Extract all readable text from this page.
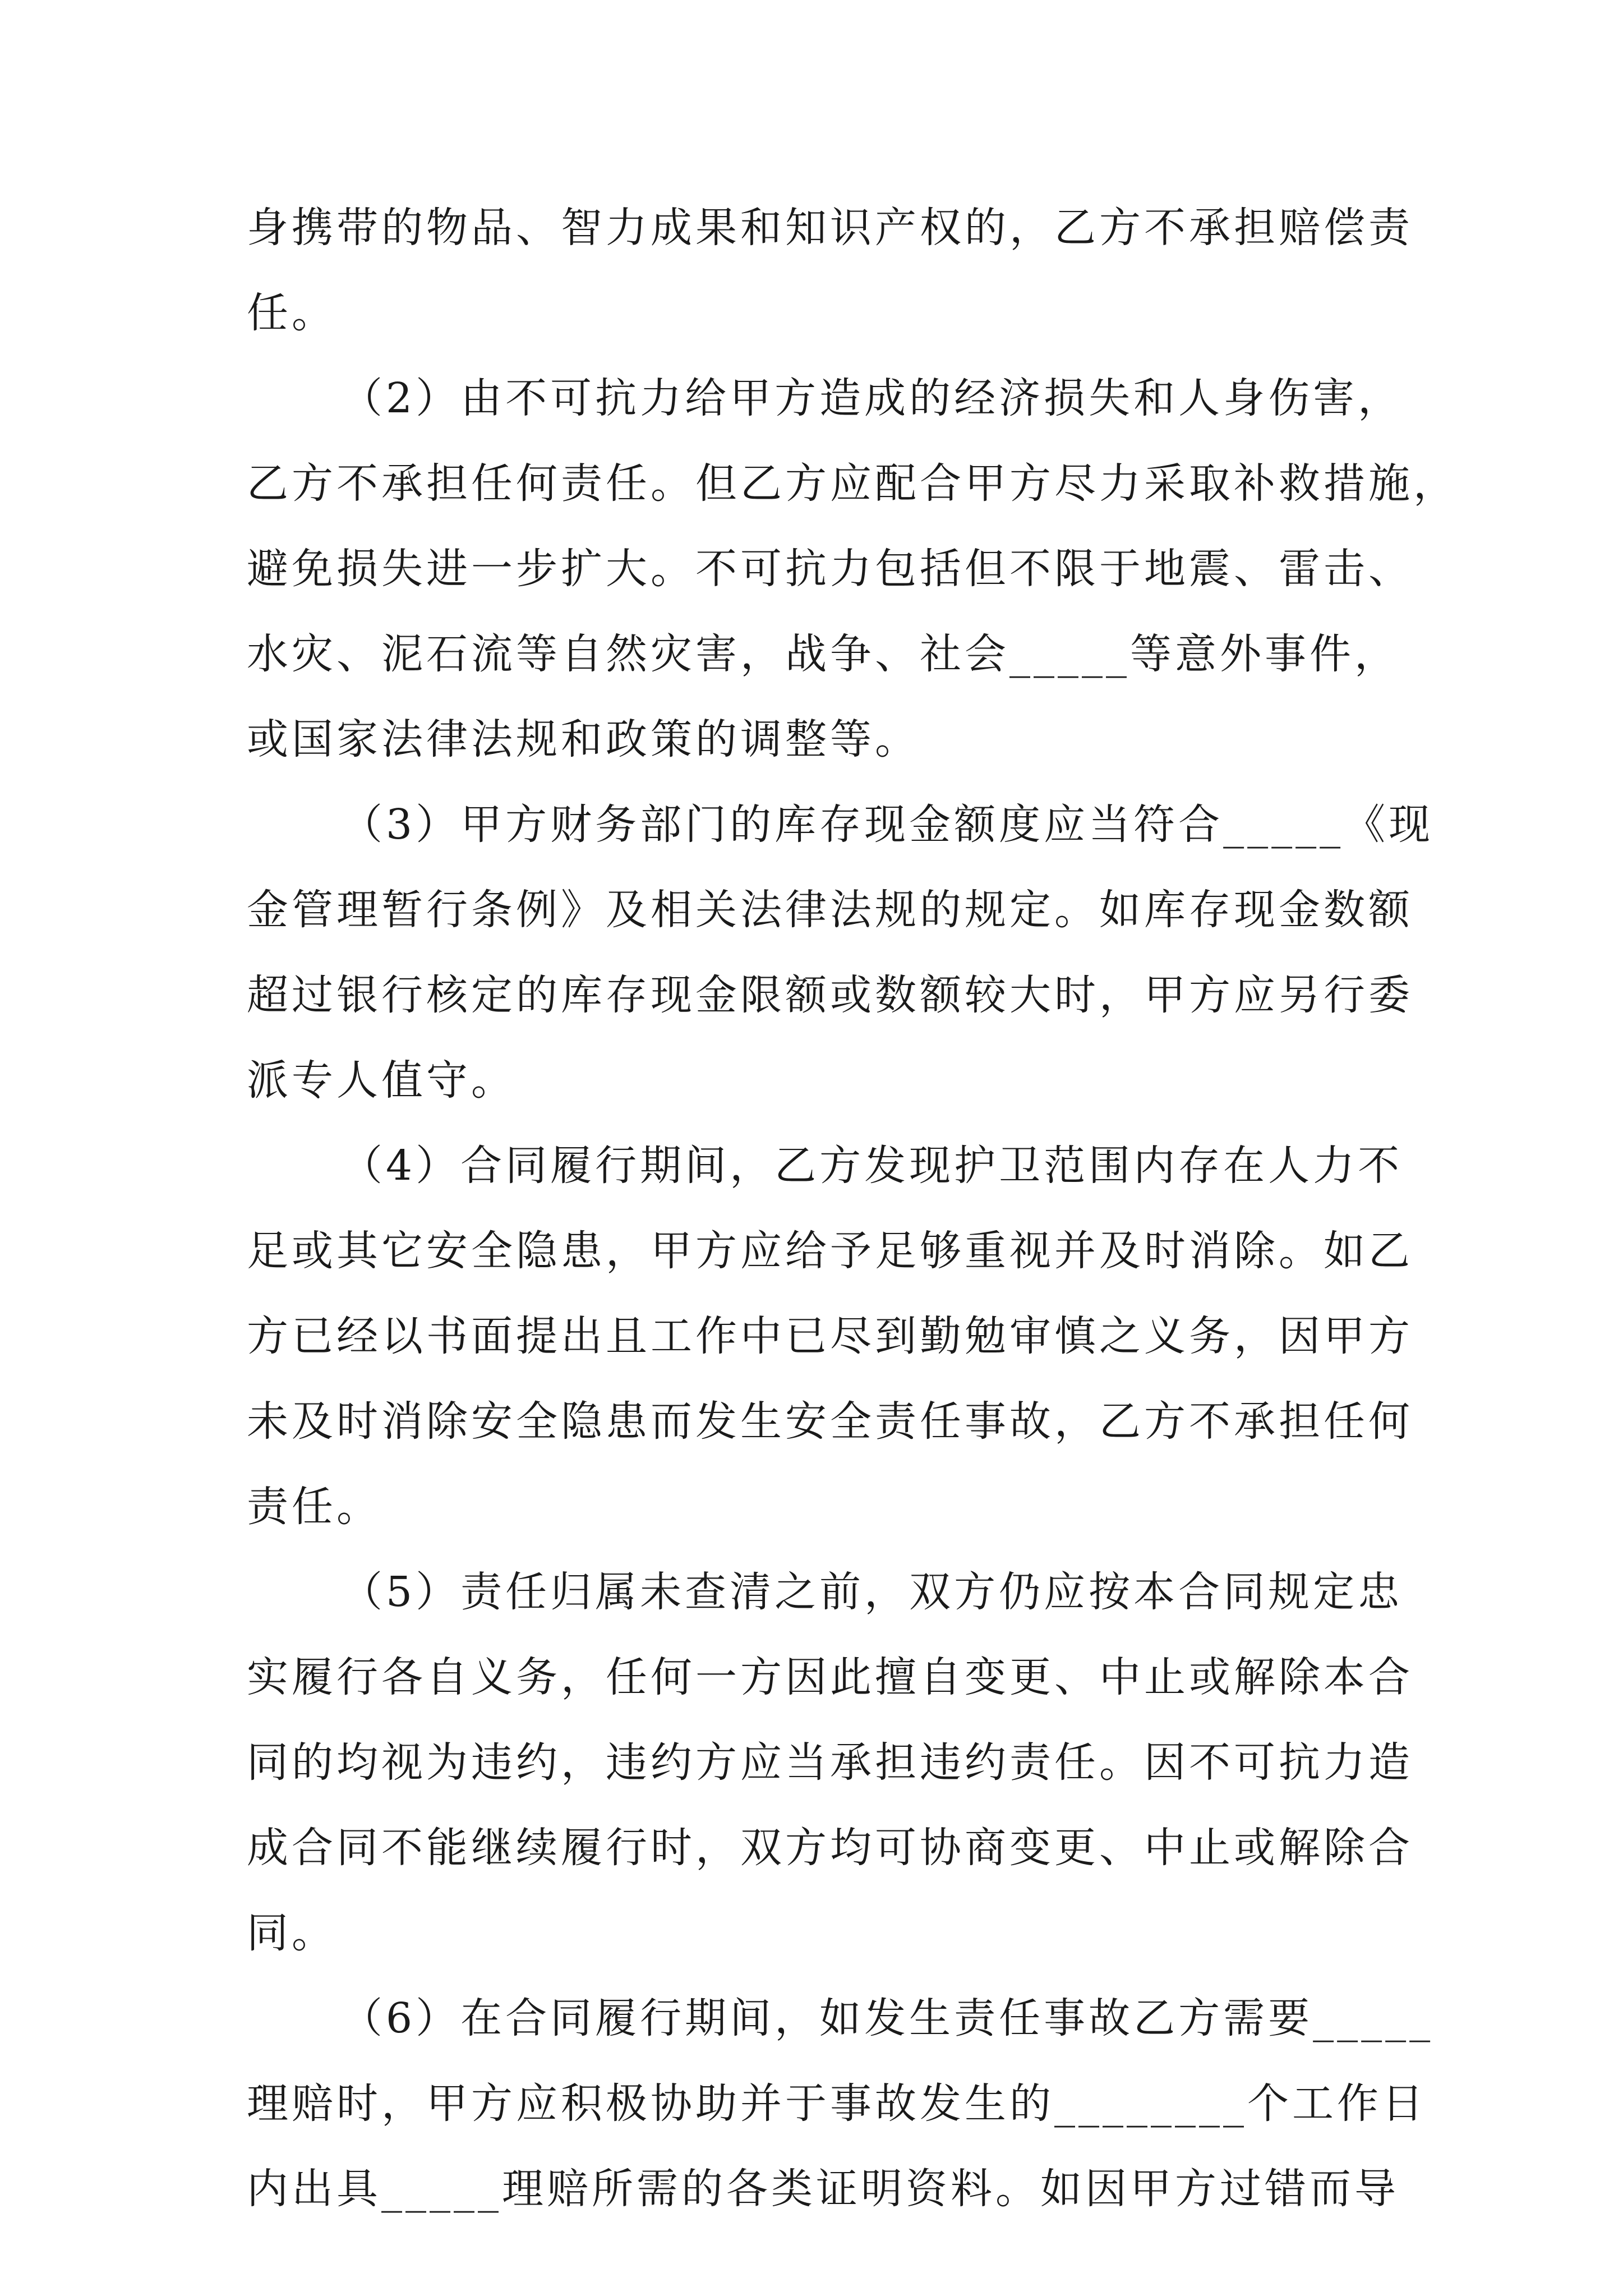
身携带的物品、智力成果和知识产权的，乙方不承担赔偿责
任。

（2）由不可抗力给甲方造成的经济损失和人身伤害，
乙方不承担任何责任。但乙方应配合甲方尽力采取补救措施，
避免损失进一步扩大。不可抗力包括但不限于地震、雷击、
水灾、泥石流等自然灾害，战争、社会_____等意外事件，
或国家法律法规和政策的调整等。

（3）甲方财务部门的库存现金额度应当符合_____《现
金管理暂行条例》及相关法律法规的规定。如库存现金数额
超过银行核定的库存现金限额或数额较大时，甲方应另行委
派专人值守。

（4）合同履行期间，乙方发现护卫范围内存在人力不
足或其它安全隐患，甲方应给予足够重视并及时消除。如乙
方已经以书面提出且工作中已尽到勤勉审慎之义务，因甲方
未及时消除安全隐患而发生安全责任事故，乙方不承担任何
责任。

（5）责任归属未查清之前，双方仍应按本合同规定忠
实履行各自义务，任何一方因此擅自变更、中止或解除本合
同的均视为违约，违约方应当承担违约责任。因不可抗力造
成合同不能继续履行时，双方均可协商变更、中止或解除合
同。

（6）在合同履行期间，如发生责任事故乙方需要_____
理赔时，甲方应积极协助并于事故发生的________个工作日
内出具_____理赔所需的各类证明资料。如因甲方过错而导
